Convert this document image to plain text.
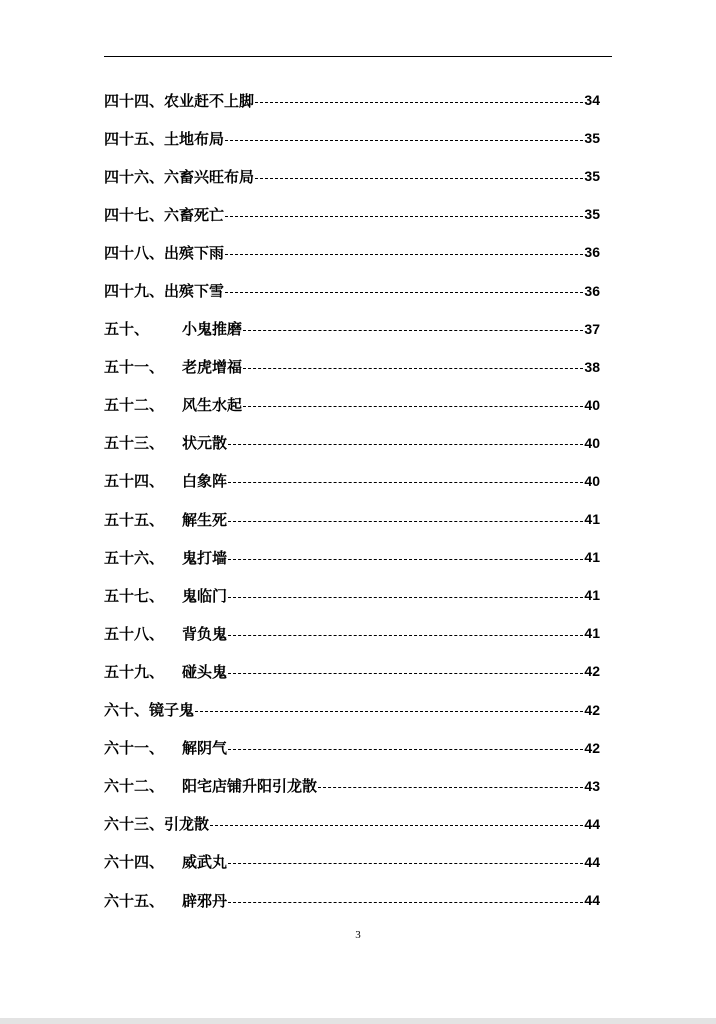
四十四、 农业赶不上脚	34
四十五、 土地布局	35
四十六、 六畜兴旺布局	35
四十七、 六畜死亡	35
四十八、 出殡下雨	36
四十九、 出殡下雪	36
五十、	小鬼推磨	37
五十一、	老虎增福	38
五十二、	风生水起	40
五十三、	状元散	40
五十四、	白象阵	40
五十五、	解生死	41
五十六、	鬼打墙	41
五十七、	鬼临门	41
五十八、	背负鬼	41
五十九、	碰头鬼	42
六十、 镜子鬼	42
六十一、	解阴气	42
六十二、	阳宅店铺升阳引龙散	43
六十三、 引龙散	44
六十四、	威武丸	44
六十五、	辟邪丹	44
3
